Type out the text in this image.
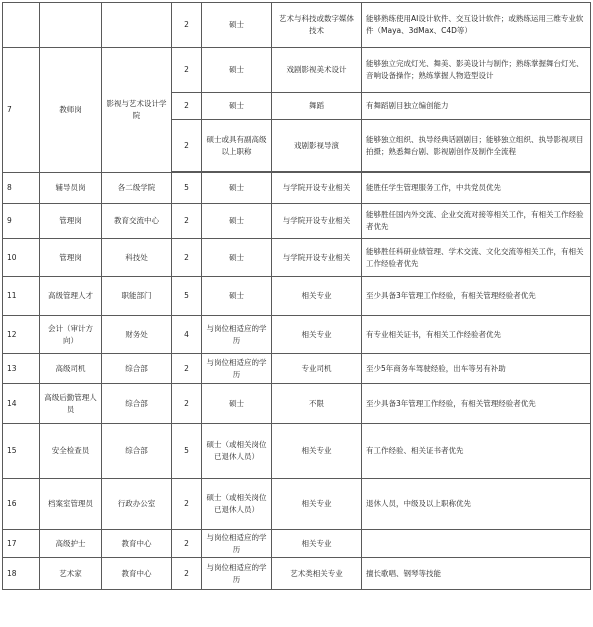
			2	硕士	艺术与科技或数字媒体技术	能够熟练使用AI设计软件、交互设计软件；或熟练运用三维专业软件（Maya、3dMax、C4D等）
7	教师岗	影视与艺术设计学院	2	硕士	戏剧影视美术设计	能够独立完成灯光、舞美、影美设计与制作；熟练掌握舞台灯光、音响设备操作；熟练掌握人物造型设计
			2	硕士	舞蹈	有舞蹈剧目独立编创能力
			2	硕士或具有副高级以上职称	戏剧影视导演	能够独立组织、执导经典话剧剧目；能够独立组织、执导影视项目拍摄；熟悉舞台剧、影视剧创作及制作全流程

8	辅导员岗	各二级学院	5	硕士	与学院开设专业相关	能胜任学生管理服务工作，中共党员优先
9	管理岗	教育交流中心	2	硕士	与学院开设专业相关	能够胜任国内外交流、企业交流对接等相关工作，有相关工作经验者优先
10	管理岗	科技处	2	硕士	与学院开设专业相关	能够胜任科研业绩管理、学术交流、文化交流等相关工作，有相关工作经验者优先
11	高级管理人才	职能部门	5	硕士	相关专业	至少具备3年管理工作经验，有相关管理经验者优先
12	会计（审计方向）	财务处	4	与岗位相适应的学历	相关专业	有专业相关证书，有相关工作经验者优先
13	高级司机	综合部	2	与岗位相适应的学历	专业司机	至少5年商务车驾驶经验，出车等另有补助
14	高级后勤管理人员	综合部	2	硕士	不限	至少具备3年管理工作经验，有相关管理经验者优先
15	安全检查员	综合部	5	硕士（或相关岗位已退休人员）	相关专业	有工作经验、相关证书者优先
16	档案室管理员	行政办公室	2	硕士（或相关岗位已退休人员）	相关专业	退休人员，中级及以上职称优先
17	高级护士	教育中心	2	与岗位相适应的学历	相关专业	
18	艺术家	教育中心	2	与岗位相适应的学历	艺术类相关专业	擅长歌唱、钢琴等技能
